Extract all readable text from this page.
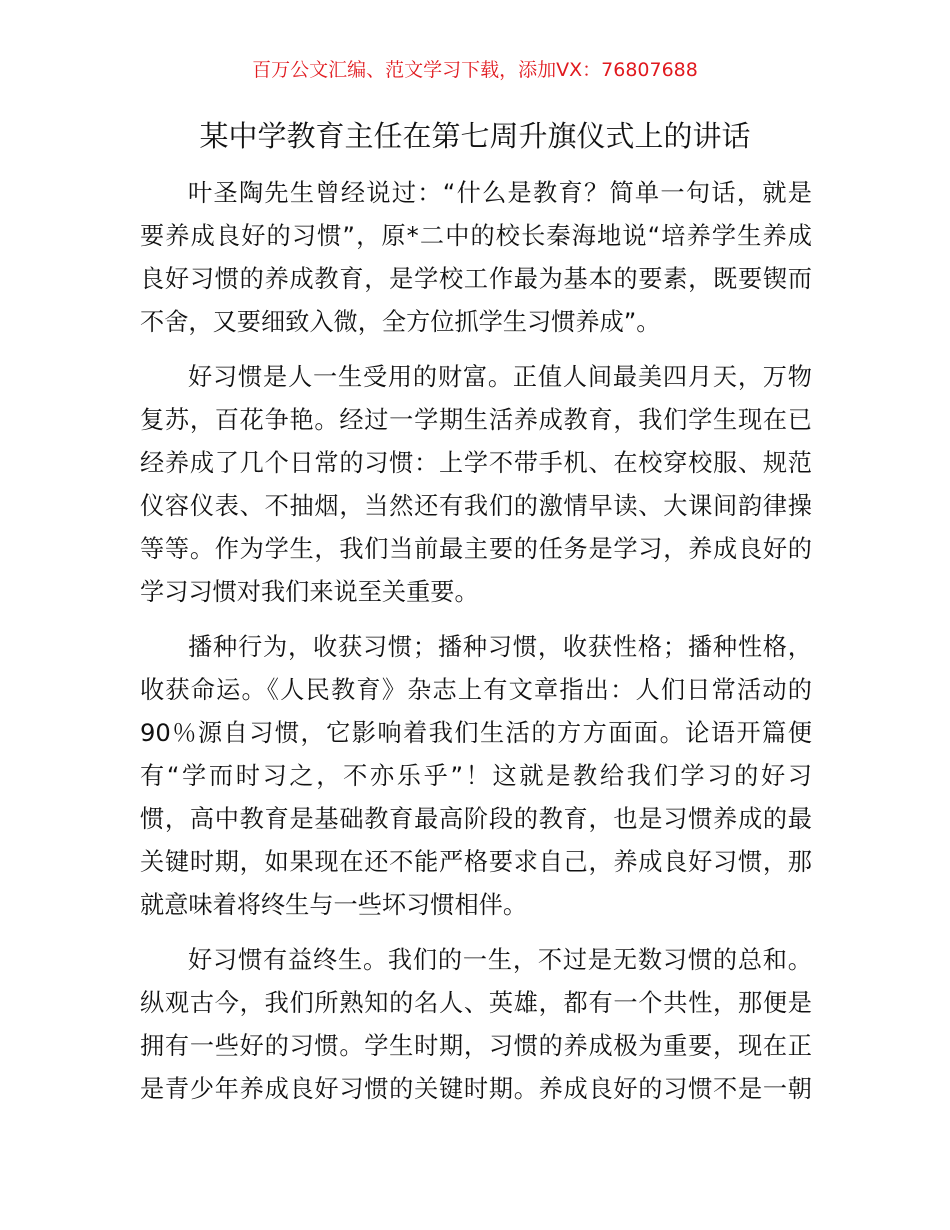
百万公文汇编、范文学习下载，添加VX：76807688
某中学教育主任在第七周升旗仪式上的讲话
叶圣陶先生曾经说过：“什么是教育？简单一句话，就是
要养成良好的习惯”，原*二中的校长秦海地说“培养学生养成
良好习惯的养成教育，是学校工作最为基本的要素，既要锲而
不舍，又要细致入微，全方位抓学生习惯养成”。
好习惯是人一生受用的财富。正值人间最美四月天，万物
复苏，百花争艳。经过一学期生活养成教育，我们学生现在已
经养成了几个日常的习惯：上学不带手机、在校穿校服、规范
仪容仪表、不抽烟，当然还有我们的激情早读、大课间韵律操
等等。作为学生，我们当前最主要的任务是学习，养成良好的
学习习惯对我们来说至关重要。
播种行为，收获习惯；播种习惯，收获性格；播种性格，
收获命运。《人民教育》杂志上有文章指出：人们日常活动的
90％源自习惯，它影响着我们生活的方方面面。论语开篇便
有“学而时习之，不亦乐乎”！这就是教给我们学习的好习
惯，高中教育是基础教育最高阶段的教育，也是习惯养成的最
关键时期，如果现在还不能严格要求自己，养成良好习惯，那
就意味着将终生与一些坏习惯相伴。
好习惯有益终生。我们的一生，不过是无数习惯的总和。
纵观古今，我们所熟知的名人、英雄，都有一个共性，那便是
拥有一些好的习惯。学生时期，习惯的养成极为重要，现在正
是青少年养成良好习惯的关键时期。养成良好的习惯不是一朝
